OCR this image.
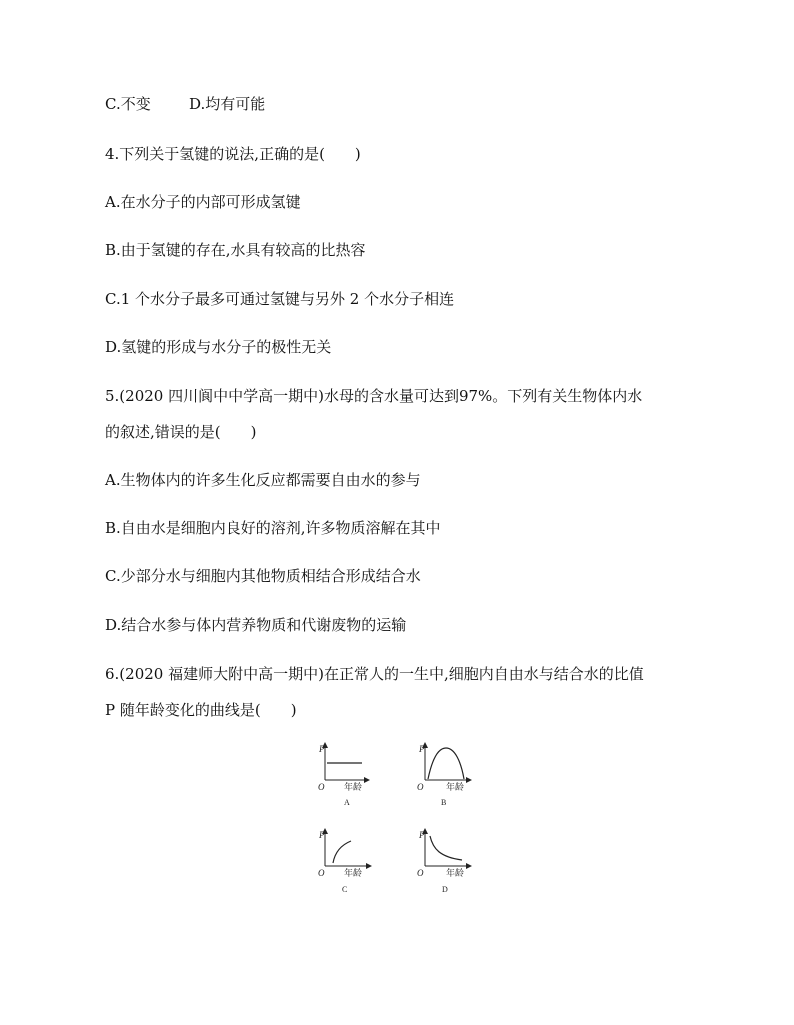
C.不变	D.均有可能
4.下列关于氢键的说法,正确的是(　　)
A.在水分子的内部可形成氢键
B.由于氢键的存在,水具有较高的比热容
C.1 个水分子最多可通过氢键与另外 2 个水分子相连
D.氢键的形成与水分子的极性无关
5.(2020 四川阆中中学高一期中)水母的含水量可达到97%。下列有关生物体内水
的叙述,错误的是(　　)
A.生物体内的许多生化反应都需要自由水的参与
B.自由水是细胞内良好的溶剂,许多物质溶解在其中
C.少部分水与细胞内其他物质相结合形成结合水
D.结合水参与体内营养物质和代谢废物的运输
6.(2020 福建师大附中高一期中)在正常人的一生中,细胞内自由水与结合水的比值
P 随年龄变化的曲线是(　　)
P
O 年龄
A
P
O	年龄
B
P
O 年龄
C
P
O	年龄
D
